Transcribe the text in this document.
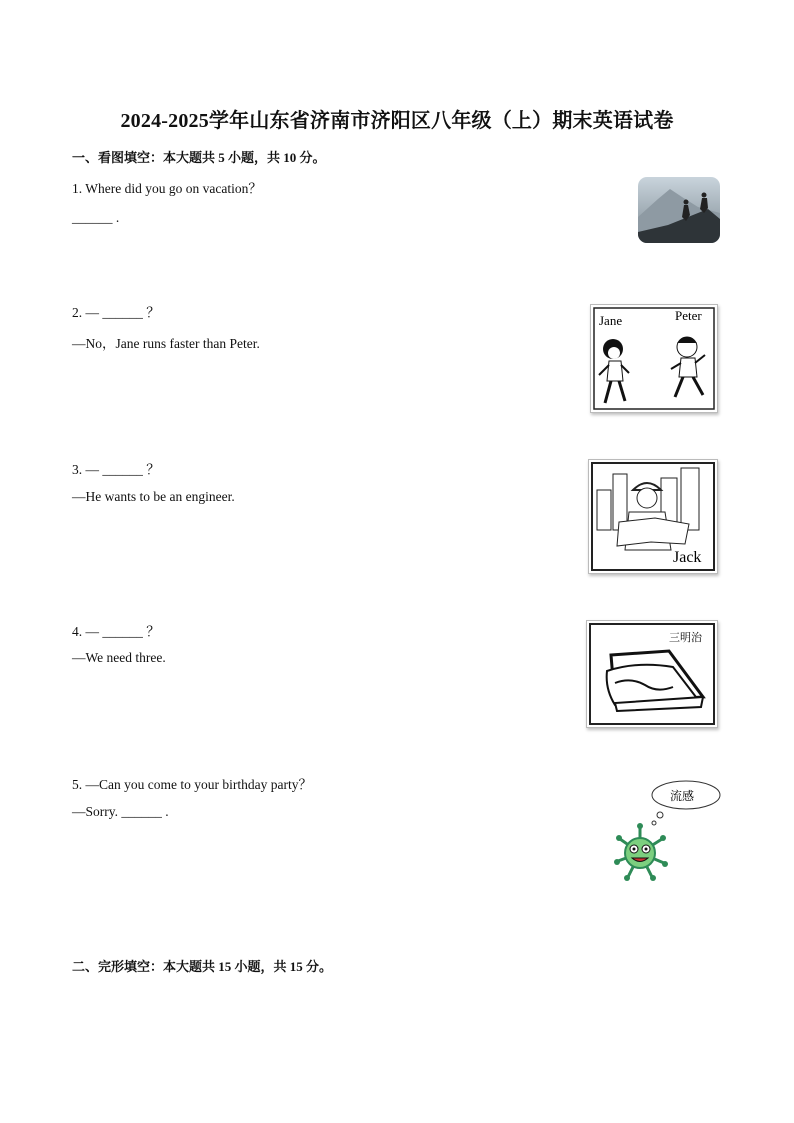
2024-2025学年山东省济南市济阳区八年级（上）期末英语试卷
一、看图填空：本大题共 5 小题，共 10 分。
1. Where did you go on vacation？
______ .
2. — ______ ？
—No，Jane runs faster than Peter.
Jane	Peter
3. — ______ ？
—He wants to be an engineer.
Jack
4. — ______ ？
—We need three.
三明治
5. —Can you come to your birthday party？
—Sorry. ______ .
流感
二、完形填空：本大题共 15 小题，共 15 分。
